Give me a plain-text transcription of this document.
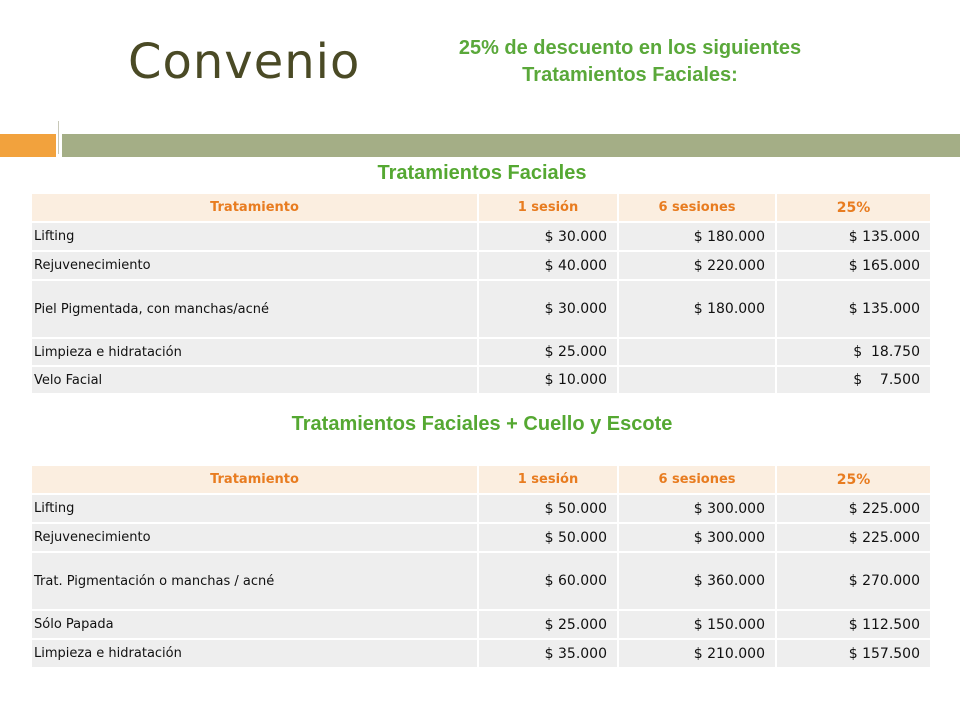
Convenio	25% de descuento en los siguientes
Tratamientos Faciales:
Tratamientos Faciales
Tratamiento	1 sesión	6 sesiones	25%
Lifting	$ 30.000	$ 180.000	$ 135.000
Rejuvenecimiento	$ 40.000	$ 220.000	$ 165.000
Piel Pigmentada, con manchas/acné	$ 30.000	$ 180.000	$ 135.000
Limpieza e hidratación	$ 25.000		$  18.750
Velo Facial	$ 10.000		$    7.500
Tratamientos Faciales + Cuello y Escote
Tratamiento	1 sesión	6 sesiones	25%
Lifting	$ 50.000	$ 300.000	$ 225.000
Rejuvenecimiento	$ 50.000	$ 300.000	$ 225.000
Trat. Pigmentación o manchas / acné	$ 60.000	$ 360.000	$ 270.000
Sólo Papada	$ 25.000	$ 150.000	$ 112.500
Limpieza e hidratación	$ 35.000	$ 210.000	$ 157.500
